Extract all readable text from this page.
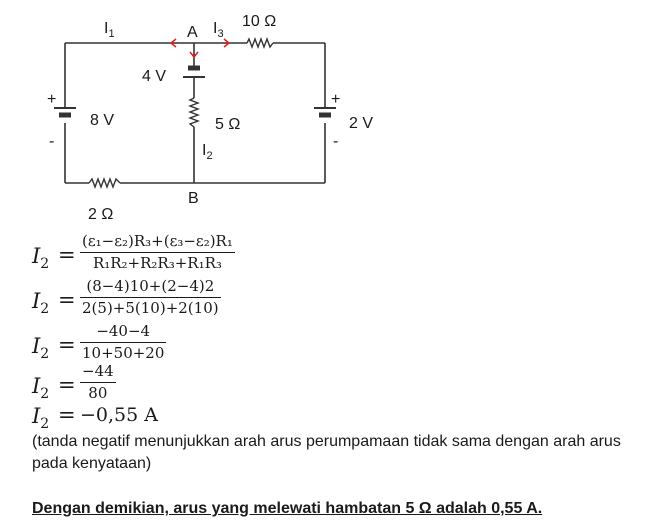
$I_1$	A $I_3$
10 Ω
4 V
5 Ω
$I_2$
B
8 V	2 V
2 Ω
+
-
+
-
$I_2$ =
(ε₁−ε₂)R₃+(ε₃−ε₂)R₁
R₁R₂+R₂R₃+R₁R₃
$I_2$ =
(8−4)10+(2−4)2
2(5)+5(10)+2(10)
$I_2$ =
−40−4
10+50+20
$I_2$ =
−44
80
$I_2 = -0,55$ A
(tanda negatif menunjukkan arah arus perumpamaan tidak sama dengan arah arus
pada kenyataan)
Dengan demikian, arus yang melewati hambatan 5 Ω adalah 0,55 A.
